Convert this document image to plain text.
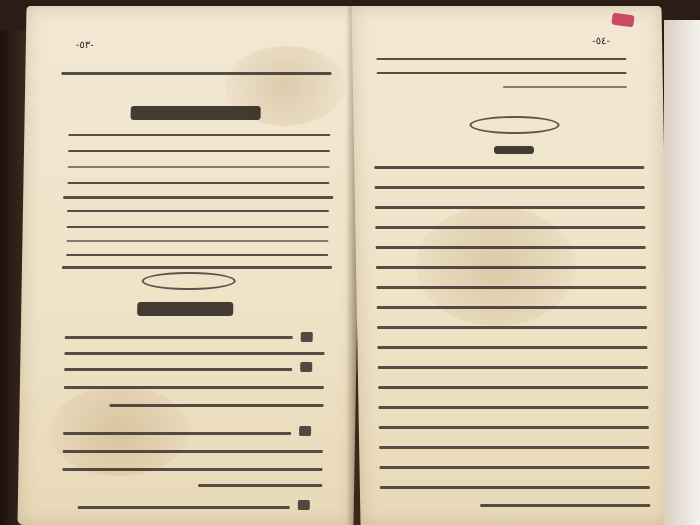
-٥٣-	-٥٤-
